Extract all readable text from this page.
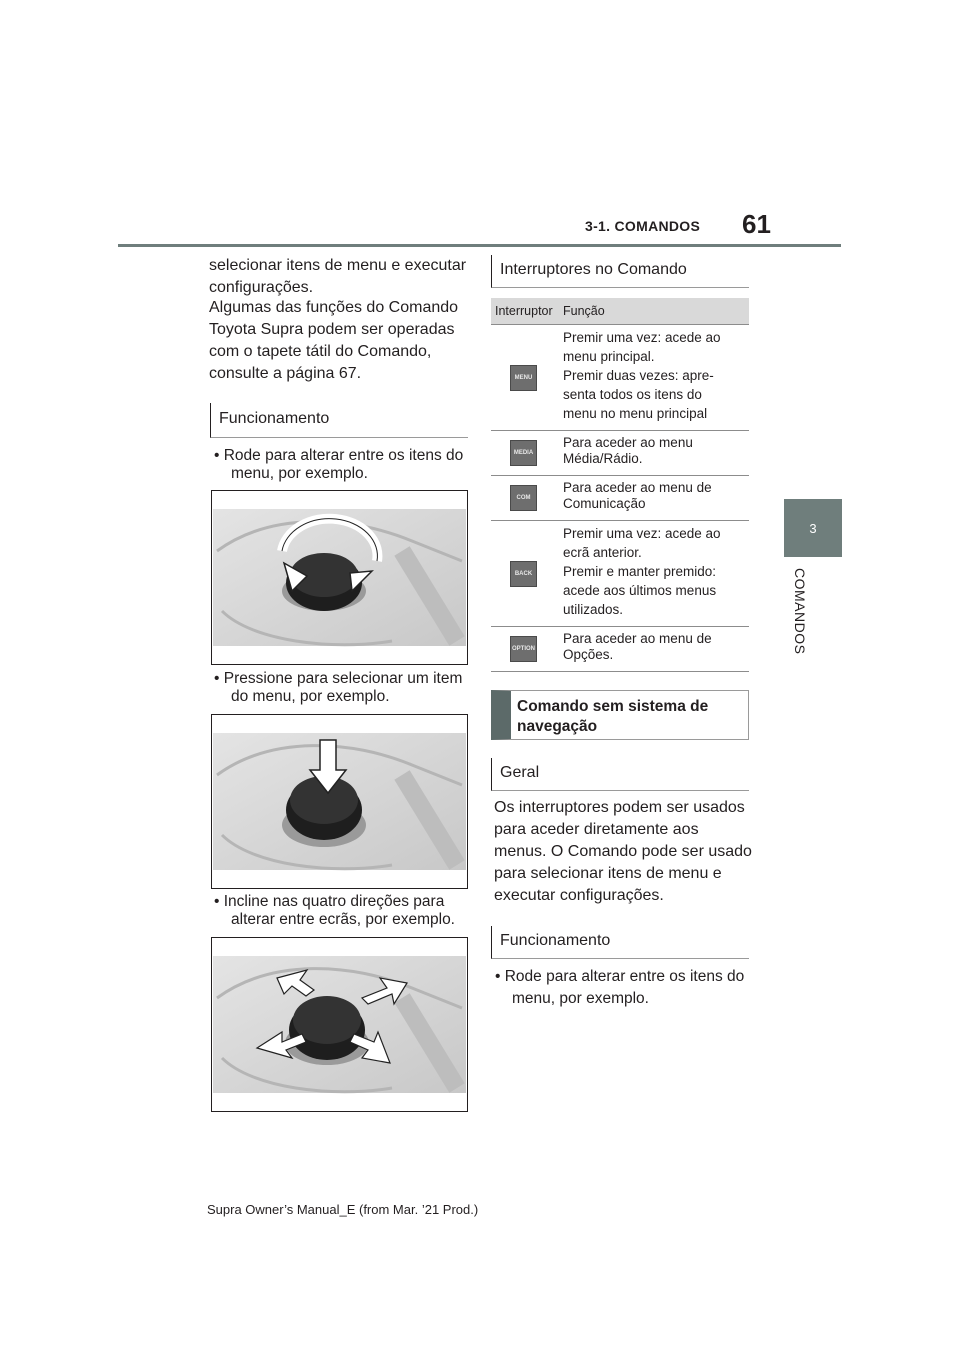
3-1. COMANDOS 61
3
COMANDOS
selecionar itens de menu e executar configurações.
Algumas das funções do Comando Toyota Supra podem ser operadas com o tapete tátil do Comando, consulte a página 67.
Funcionamento
• Rode para alterar entre os itens do menu, por exemplo.
• Pressione para selecionar um item do menu, por exemplo.
• Incline nas quatro direções para alterar entre ecrãs, por exemplo.
Interruptores no Comando
Interruptor Função
MENU
Premir uma vez: acede ao
menu principal.
Premir duas vezes: apre-
senta todos os itens do
menu no menu principal
MEDIA
Para aceder ao menu
Média/Rádio.
COM
Para aceder ao menu de
Comunicação
BACK
Premir uma vez: acede ao
ecrã anterior.
Premir e manter premido:
acede aos últimos menus
utilizados.
OPTION
Para aceder ao menu de
Opções.
Comando sem sistema de navegação
Geral
Os interruptores podem ser usados para aceder diretamente aos menus. O Comando pode ser usado para selecionar itens de menu e executar configurações.
Funcionamento
• Rode para alterar entre os itens do menu, por exemplo.
Supra Owner’s Manual_E (from Mar. ’21 Prod.)
